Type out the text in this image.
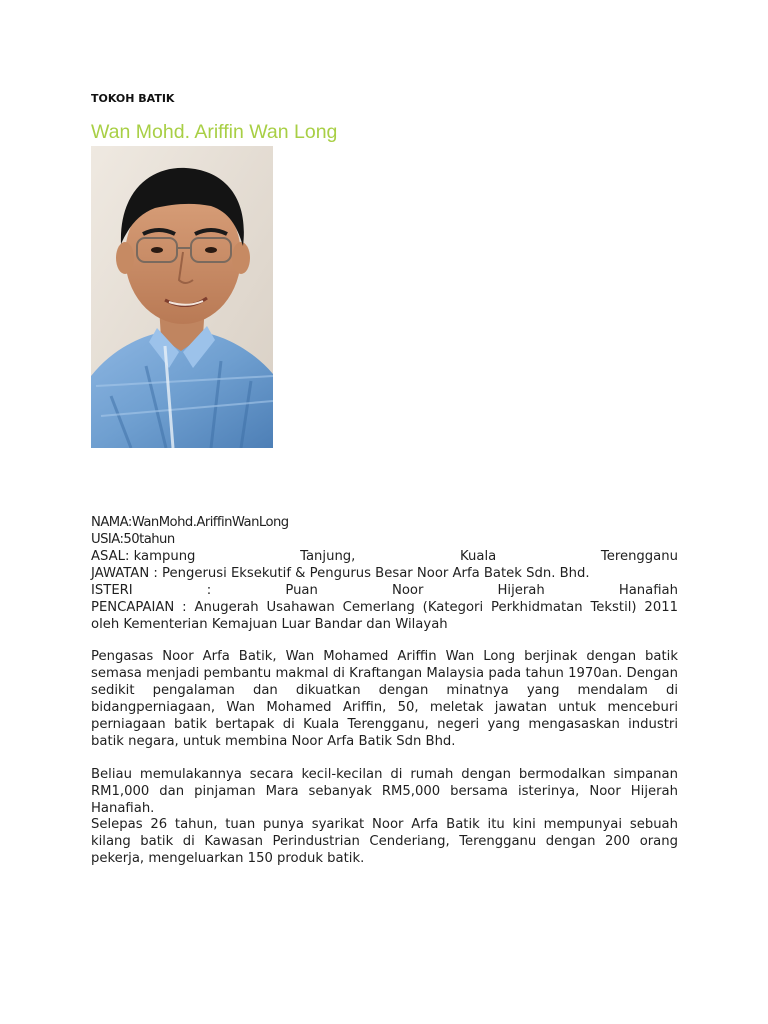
TOKOH BATIK
Wan Mohd. Ariffin Wan Long
NAMA:WanMohd.AriffinWanLong
USIA:50tahun
ASAL: kampung	Tanjung,	Kuala	Terengganu
JAWATAN : Pengerusi Eksekutif & Pengurus Besar Noor Arfa Batek Sdn. Bhd.
ISTERI	:	Puan	Noor	Hijerah	Hanafiah
PENCAPAIAN : Anugerah Usahawan Cemerlang (Kategori Perkhidmatan Tekstil) 2011 oleh Kementerian Kemajuan Luar Bandar dan Wilayah

Pengasas Noor Arfa Batik, Wan Mohamed Ariffin Wan Long berjinak dengan batik semasa menjadi pembantu makmal di Kraftangan Malaysia pada tahun 1970an. Dengan sedikit pengalaman dan dikuatkan dengan minatnya yang mendalam di bidangperniagaan, Wan Mohamed Ariffin, 50, meletak jawatan untuk menceburi perniagaan batik bertapak di Kuala Terengganu, negeri yang mengasaskan industri batik negara, untuk membina Noor Arfa Batik Sdn Bhd.

Beliau memulakannya secara kecil-kecilan di rumah dengan bermodalkan simpanan RM1,000 dan pinjaman Mara sebanyak RM5,000 bersama isterinya, Noor Hijerah Hanafiah.

Selepas 26 tahun, tuan punya syarikat Noor Arfa Batik itu kini mempunyai sebuah kilang batik di Kawasan Perindustrian Cenderiang, Terengganu dengan 200 orang pekerja, mengeluarkan 150 produk batik.
